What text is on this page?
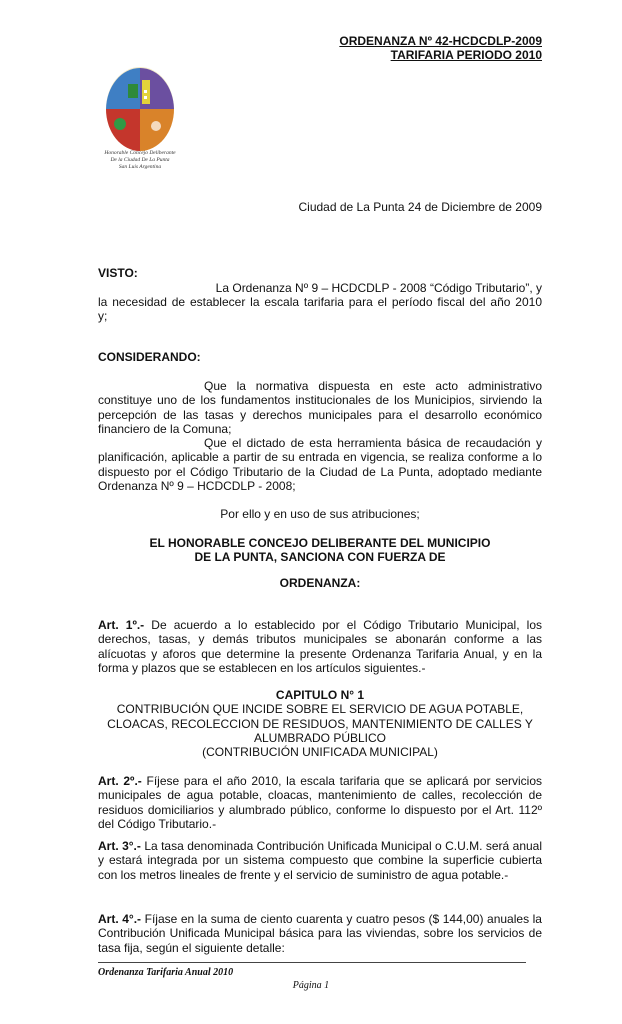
ORDENANZA Nº 42-HCDCDLP-2009
TARIFARIA PERIODO 2010
Honorable Concejo Deliberante
De la Ciudad De La Punta
San Luis Argentina
Ciudad de La Punta 24 de Diciembre de 2009
VISTO:
La Ordenanza Nº 9 – HCDCDLP - 2008 “Código Tributario”, y
la necesidad de establecer la escala tarifaria para el período fiscal del año 2010
y;
CONSIDERANDO:
Que la normativa dispuesta en este acto administrativo
constituye uno de los fundamentos institucionales de los Municipios, sirviendo la percepción de las tasas y derechos municipales para el desarrollo económico financiero de la Comuna;
Que el dictado de esta herramienta básica de recaudación y
planificación, aplicable a partir de su entrada en vigencia, se realiza conforme a lo dispuesto por el Código Tributario de la Ciudad de La Punta, adoptado mediante Ordenanza Nº 9 – HCDCDLP - 2008;
Por ello y en uso de sus atribuciones;
EL HONORABLE CONCEJO DELIBERANTE DEL MUNICIPIO
DE LA PUNTA, SANCIONA CON FUERZA DE
ORDENANZA:
Art. 1º.- De acuerdo a lo establecido por el Código Tributario Municipal, los derechos, tasas, y demás tributos municipales se abonarán conforme a las alícuotas y aforos que determine la presente Ordenanza Tarifaria Anual, y en la forma y plazos que se establecen en los artículos siguientes.-
CAPITULO N° 1
CONTRIBUCIÓN QUE INCIDE SOBRE EL SERVICIO DE AGUA POTABLE,
CLOACAS, RECOLECCION DE RESIDUOS, MANTENIMIENTO DE CALLES Y
ALUMBRADO PÚBLICO
(CONTRIBUCIÓN UNIFICADA MUNICIPAL)
Art. 2º.- Fíjese para el año 2010, la escala tarifaria que se aplicará por servicios municipales de agua potable, cloacas, mantenimiento de calles, recolección de residuos domiciliarios y alumbrado público, conforme lo dispuesto por el Art. 112º del Código Tributario.-
Art. 3°.- La tasa denominada Contribución Unificada Municipal o C.U.M. será anual y estará integrada por un sistema compuesto que combine la superficie cubierta con los metros lineales de frente y el servicio de suministro de agua potable.-
Art. 4°.- Fíjase en la suma de ciento cuarenta y cuatro pesos ($ 144,00) anuales la Contribución Unificada Municipal básica para las viviendas, sobre los servicios de tasa fija, según el siguiente detalle:
Ordenanza Tarifaria Anual 2010
Página 1
